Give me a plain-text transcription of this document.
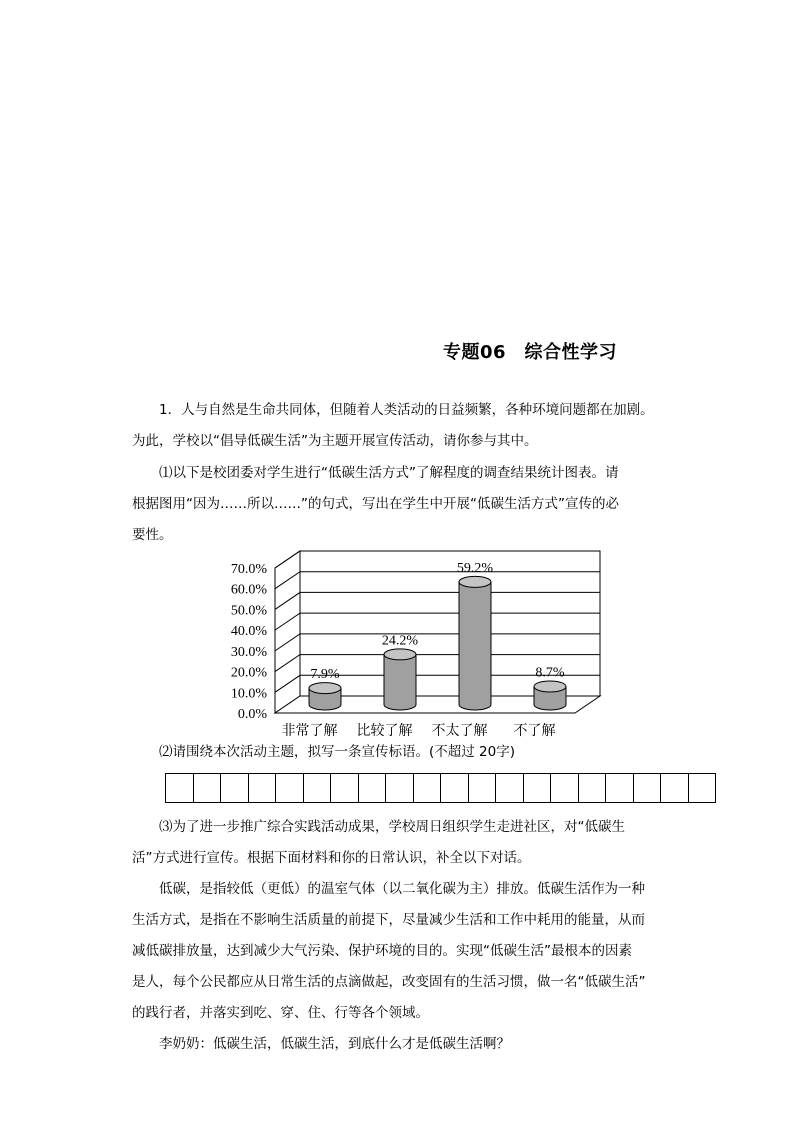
专题06　综合性学习

1．人与自然是生命共同体，但随着人类活动的日益频繁，各种环境问题都在加剧。

为此，学校以“倡导低碳生活”为主题开展宣传活动，请你参与其中。

⑴以下是校团委对学生进行“低碳生活方式”了解程度的调查结果统计图表。请

根据图用“因为……所以……”的句式，写出在学生中开展“低碳生活方式”宣传的必

要性。

0.0%
10.0%
20.0%
30.0%
40.0%
50.0%
60.0%
70.0%
7.9%
24.2%
59.2%
8.7%
非常了解 比较了解 不太了解 不了解

⑵请围绕本次活动主题，拟写一条宣传标语。(不超过 20字)

⑶为了进一步推广综合实践活动成果，学校周日组织学生走进社区，对“低碳生

活”方式进行宣传。根据下面材料和你的日常认识，补全以下对话。

低碳，是指较低（更低）的温室气体（以二氧化碳为主）排放。低碳生活作为一种

生活方式，是指在不影响生活质量的前提下，尽量减少生活和工作中耗用的能量，从而

减低碳排放量，达到减少大气污染、保护环境的目的。实现“低碳生活”最根本的因素

是人，每个公民都应从日常生活的点滴做起，改变固有的生活习惯，做一名“低碳生活”

的践行者，并落实到吃、穿、住、行等各个领域。

李奶奶：低碳生活，低碳生活，到底什么才是低碳生活啊？
